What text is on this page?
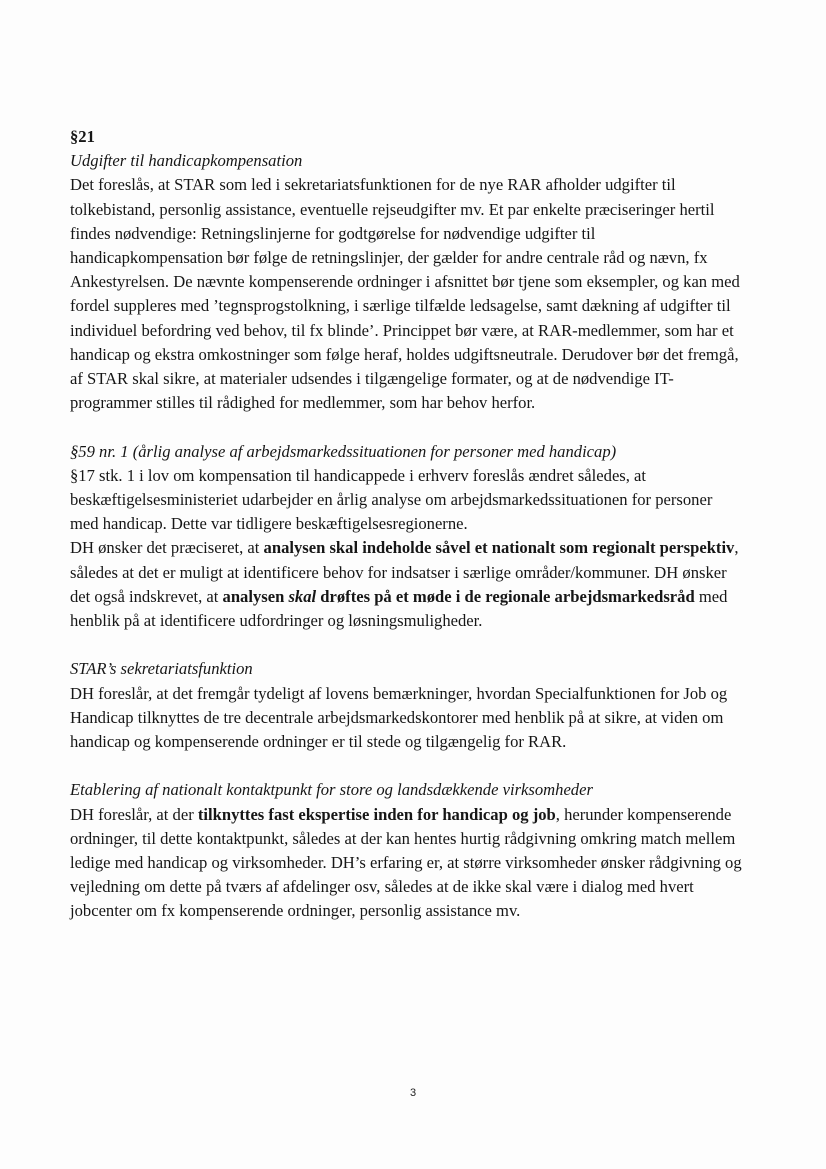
§21

Udgifter til handicapkompensation

Det foreslås, at STAR som led i sekretariatsfunktionen for de nye RAR afholder udgifter til tolkebistand, personlig assistance, eventuelle rejseudgifter mv. Et par enkelte præciseringer hertil findes nødvendige: Retningslinjerne for godtgørelse for nødvendige udgifter til handicapkompensation bør følge de retningslinjer, der gælder for andre centrale råd og nævn, fx Ankestyrelsen. De nævnte kompenserende ordninger i afsnittet bør tjene som eksempler, og kan med fordel suppleres med ’tegnsprogstolkning, i særlige tilfælde ledsagelse, samt dækning af udgifter til individuel befordring ved behov, til fx blinde’. Princippet bør være, at RAR-medlemmer, som har et handicap og ekstra omkostninger som følge heraf, holdes udgiftsneutrale. Derudover bør det fremgå, af STAR skal sikre, at materialer udsendes i tilgængelige formater, og at de nødvendige IT-programmer stilles til rådighed for medlemmer, som har behov herfor.

§59 nr. 1 (årlig analyse af arbejdsmarkedssituationen for personer med handicap)

§17 stk. 1 i lov om kompensation til handicappede i erhverv foreslås ændret således, at beskæftigelsesministeriet udarbejder en årlig analyse om arbejdsmarkedssituationen for personer med handicap. Dette var tidligere beskæftigelsesregionerne.

DH ønsker det præciseret, at analysen skal indeholde såvel et nationalt som regionalt perspektiv, således at det er muligt at identificere behov for indsatser i særlige områder/kommuner. DH ønsker det også indskrevet, at analysen skal drøftes på et møde i de regionale arbejdsmarkedsråd med henblik på at identificere udfordringer og løsningsmuligheder.

STAR’s sekretariatsfunktion

DH foreslår, at det fremgår tydeligt af lovens bemærkninger, hvordan Specialfunktionen for Job og Handicap tilknyttes de tre decentrale arbejdsmarkedskontorer med henblik på at sikre, at viden om handicap og kompenserende ordninger er til stede og tilgængelig for RAR.

Etablering af nationalt kontaktpunkt for store og landsdækkende virksomheder

DH foreslår, at der tilknyttes fast ekspertise inden for handicap og job, herunder kompenserende ordninger, til dette kontaktpunkt, således at der kan hentes hurtig rådgivning omkring match mellem ledige med handicap og virksomheder. DH’s erfaring er, at større virksomheder ønsker rådgivning og vejledning om dette på tværs af afdelinger osv, således at de ikke skal være i dialog med hvert jobcenter om fx kompenserende ordninger, personlig assistance mv.

3
